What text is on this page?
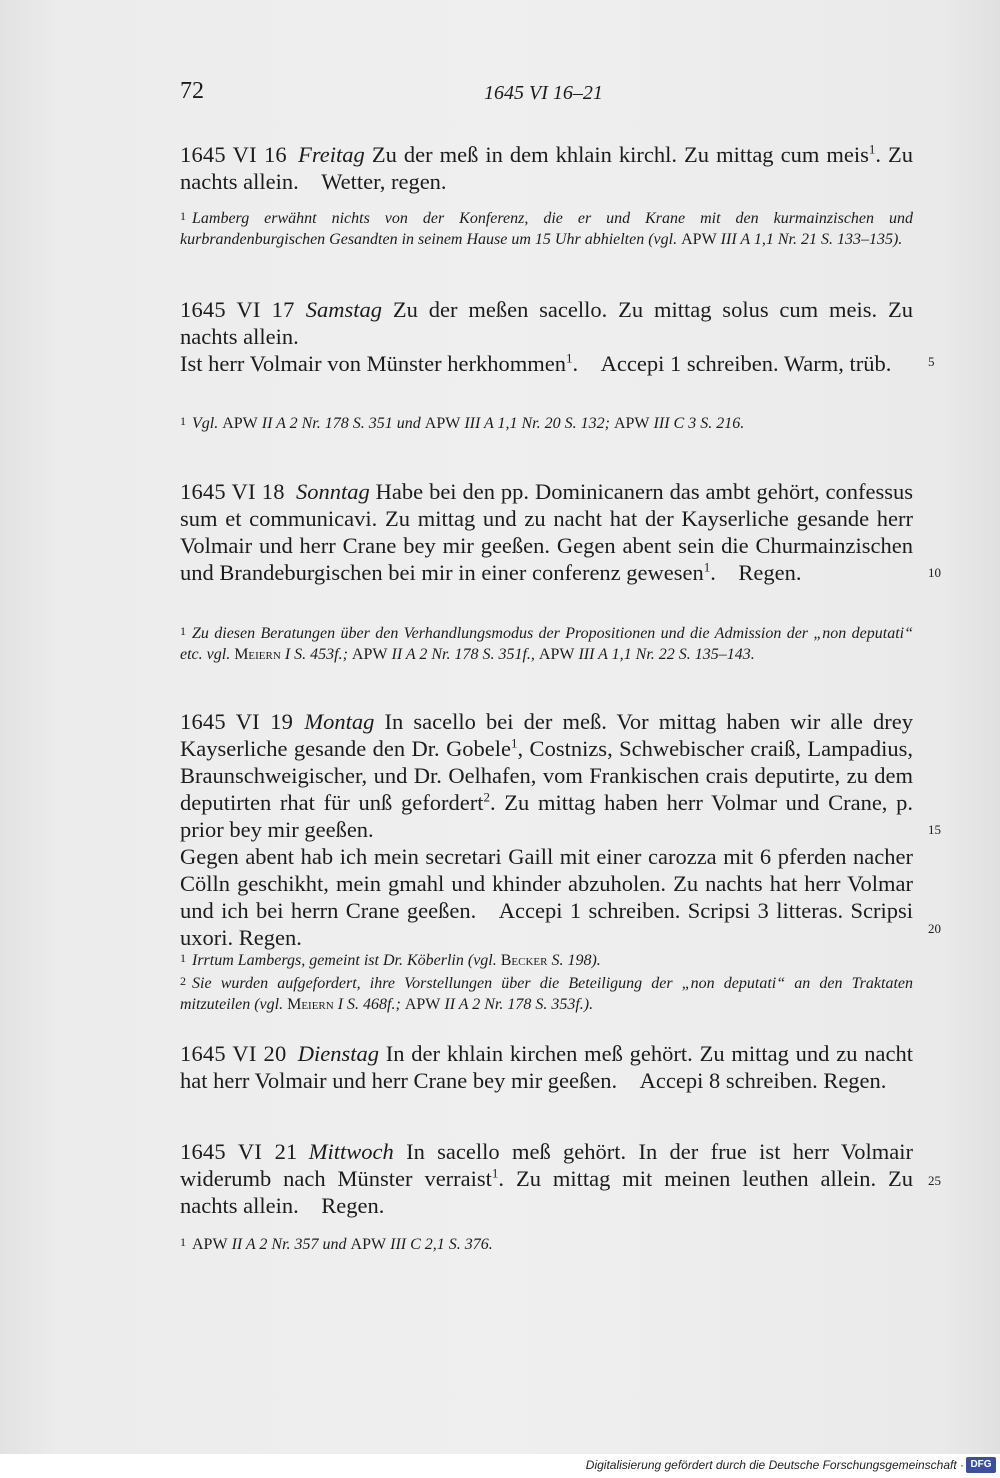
72	1645 VI 16–21

1645 VI 16  Freitag Zu der meß in dem khlain kirchl. Zu mittag cum meis$^1$. Zu nachts allein. Wetter, regen.

1 Lamberg erwähnt nichts von der Konferenz, die er und Krane mit den kurmainzischen und kurbrandenburgischen Gesandten in seinem Hause um 15 Uhr abhielten (vgl. APW III A 1,1 Nr. 21 S. 133–135).

1645 VI 17  Samstag Zu der meßen sacello. Zu mittag solus cum meis. Zu nachts allein.
Ist herr Volmair von Münster herkhommen$^1$. Accepi 1 schreiben. Warm, trüb.

1 Vgl. APW II A 2 Nr. 178 S. 351 und APW III A 1,1 Nr. 20 S. 132; APW III C 3 S. 216.

1645 VI 18  Sonntag Habe bei den pp. Dominicanern das ambt gehört, confessus sum et communicavi. Zu mittag und zu nacht hat der Kayserliche gesande herr Volmair und herr Crane bey mir geeßen. Gegen abent sein die Churmainzischen und Brandeburgischen bei mir in einer conferenz gewesen$^1$. Regen.

1 Zu diesen Beratungen über den Verhandlungsmodus der Propositionen und die Admission der „non deputati“ etc. vgl. Meiern I S. 453f.; APW II A 2 Nr. 178 S. 351f., APW III A 1,1 Nr. 22 S. 135–143.

1645 VI 19  Montag In sacello bei der meß. Vor mittag haben wir alle drey Kayserliche gesande den Dr. Gobele$^1$, Costnizs, Schwebischer craiß, Lampadius, Braunschweigischer, und Dr. Oelhafen, vom Frankischen crais deputirte, zu dem deputirten rhat für unß gefordert$^2$. Zu mittag haben herr Volmar und Crane, p. prior bey mir geeßen.
Gegen abent hab ich mein secretari Gaill mit einer carozza mit 6 pferden nacher Cölln geschikht, mein gmahl und khinder abzuholen. Zu nachts hat herr Volmar und ich bei herrn Crane geeßen. Accepi 1 schreiben. Scripsi 3 litteras. Scripsi uxori. Regen.

1 Irrtum Lambergs, gemeint ist Dr. Köberlin (vgl. Becker S. 198).

2 Sie wurden aufgefordert, ihre Vorstellungen über die Beteiligung der „non deputati“ an den Traktaten mitzuteilen (vgl. Meiern I S. 468f.; APW II A 2 Nr. 178 S. 353f.).

1645 VI 20  Dienstag In der khlain kirchen meß gehört. Zu mittag und zu nacht hat herr Volmair und herr Crane bey mir geeßen. Accepi 8 schreiben. Regen.

1645 VI 21  Mittwoch In sacello meß gehört. In der frue ist herr Volmair widerumb nach Münster verraist$^1$. Zu mittag mit meinen leuthen allein. Zu nachts allein. Regen.

1 APW II A 2 Nr. 357 und APW III C 2,1 S. 376.

5
10
15
20
25
Digitalisierung gefördert durch die Deutsche Forschungsgemeinschaft · DFG
